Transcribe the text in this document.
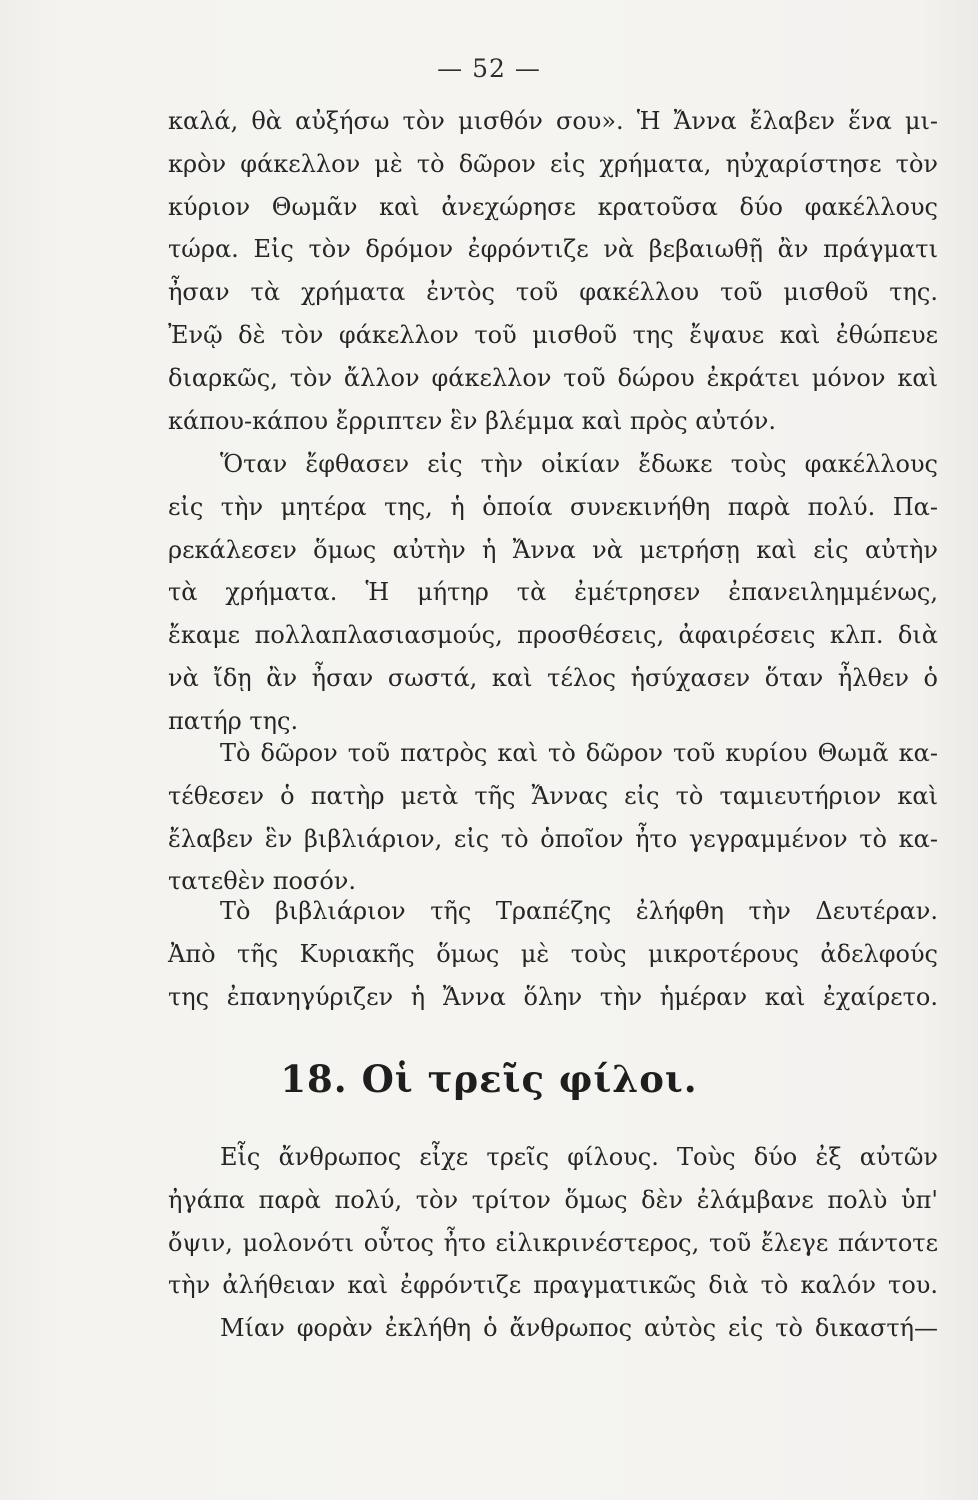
— 52 —
καλά, θὰ αὐξήσω τὸν μισθόν σου». Ἡ Ἄννα ἔλαβεν ἕνα μι-
κρὸν φάκελλον μὲ τὸ δῶρον εἰς χρήματα, ηὐχαρίστησε τὸν
κύριον Θωμᾶν καὶ ἀνεχώρησε κρατοῦσα δύο φακέλλους
τώρα. Εἰς τὸν δρόμον ἐφρόντιζε νὰ βεβαιωθῇ ἂν πράγματι
ἦσαν τὰ χρήματα ἐντὸς τοῦ φακέλλου τοῦ μισθοῦ της.
Ἐνῷ δὲ τὸν φάκελλον τοῦ μισθοῦ της ἔψαυε καὶ ἐθώπευε
διαρκῶς, τὸν ἄλλον φάκελλον τοῦ δώρου ἐκράτει μόνον καὶ
κάπου-κάπου ἔρριπτεν ἓν βλέμμα καὶ πρὸς αὐτόν.
Ὅταν ἔφθασεν εἰς τὴν οἰκίαν ἔδωκε τοὺς φακέλλους
εἰς τὴν μητέρα της, ἡ ὁποία συνεκινήθη παρὰ πολύ. Πα-
ρεκάλεσεν ὅμως αὐτὴν ἡ Ἄννα νὰ μετρήσῃ καὶ εἰς αὐτὴν
τὰ χρήματα. Ἡ μήτηρ τὰ ἐμέτρησεν ἐπανειλημμένως,
ἔκαμε πολλαπλασιασμούς, προσθέσεις, ἀφαιρέσεις κλπ. διὰ
νὰ ἴδῃ ἂν ἦσαν σωστά, καὶ τέλος ἡσύχασεν ὅταν ἦλθεν ὁ
πατήρ της.
Τὸ δῶρον τοῦ πατρὸς καὶ τὸ δῶρον τοῦ κυρίου Θωμᾶ κα-
τέθεσεν ὁ πατὴρ μετὰ τῆς Ἄννας εἰς τὸ ταμιευτήριον καὶ
ἔλαβεν ἓν βιβλιάριον, εἰς τὸ ὁποῖον ἦτο γεγραμμένον τὸ κα-
τατεθὲν ποσόν.
Τὸ βιβλιάριον τῆς Τραπέζης ἐλήφθη τὴν Δευτέραν.
Ἀπὸ τῆς Κυριακῆς ὅμως μὲ τοὺς μικροτέρους ἀδελφούς
της ἐπανηγύριζεν ἡ Ἄννα ὅλην τὴν ἡμέραν καὶ ἐχαίρετο.
18. Οἱ τρεῖς φίλοι.
Εἷς ἄνθρωπος εἶχε τρεῖς φίλους. Τοὺς δύο ἐξ αὐτῶν
ἠγάπα παρὰ πολύ, τὸν τρίτον ὅμως δὲν ἐλάμβανε πολὺ ὑπ'
ὄψιν, μολονότι οὗτος ἦτο εἰλικρινέστερος, τοῦ ἔλεγε πάντοτε
τὴν ἀλήθειαν καὶ ἐφρόντιζε πραγματικῶς διὰ τὸ καλόν του.
Μίαν φορὰν ἐκλήθη ὁ ἄνθρωπος αὐτὸς εἰς τὸ δικαστή—
